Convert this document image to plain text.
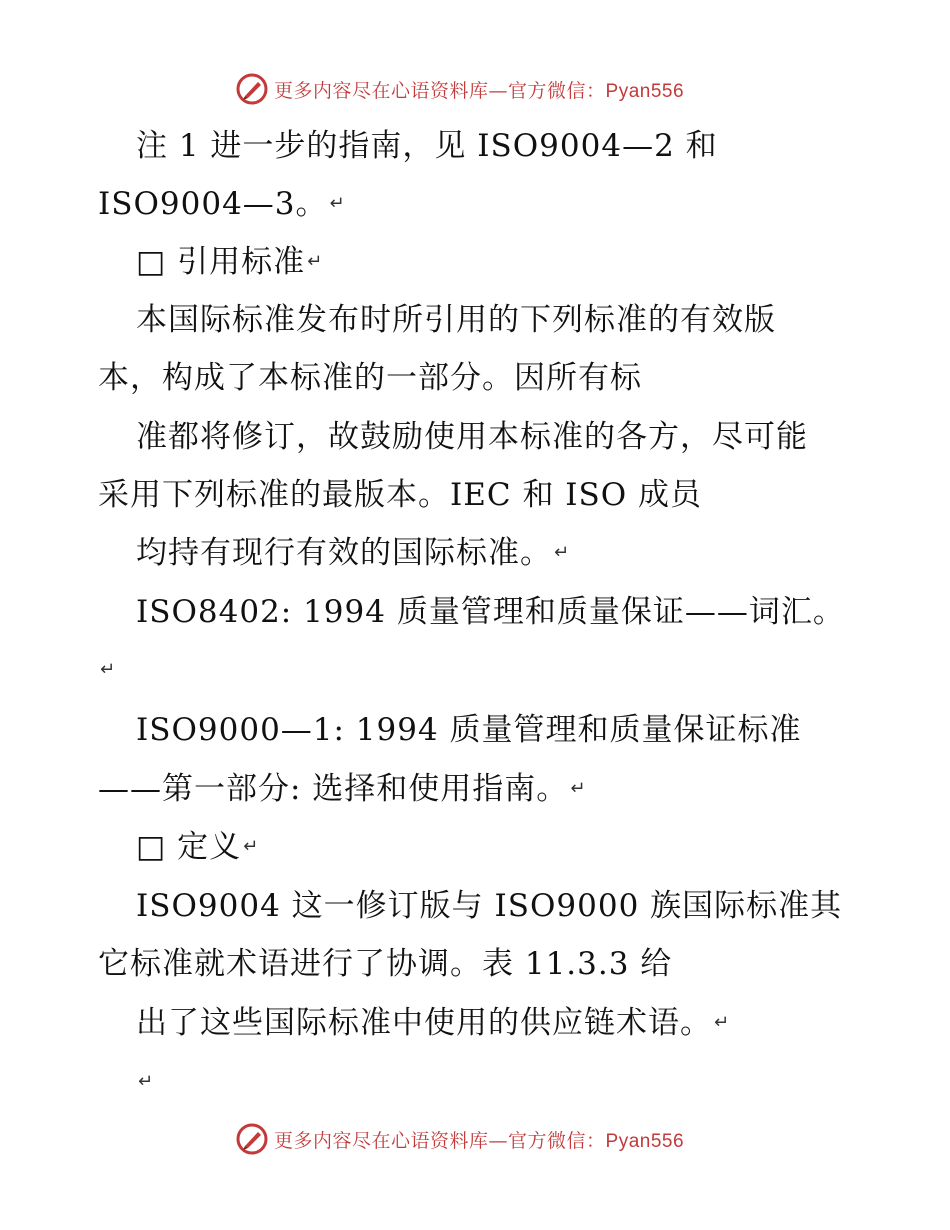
更多内容尽在心语资料库—官方微信：Pyan556
注 1 进一步的指南，见 ISO9004—2 和
ISO9004—3。 ↵
□ 引用标准 ↵
本国际标准发布时所引用的下列标准的有效版
本，构成了本标准的一部分。因所有标
准都将修订，故鼓励使用本标准的各方，尽可能
采用下列标准的最版本。IEC 和 ISO 成员
均持有现行有效的国际标准。 ↵
ISO8402: 1994 质量管理和质量保证——词汇。
↵
ISO9000—1: 1994 质量管理和质量保证标准
——第一部分: 选择和使用指南。 ↵
□ 定义 ↵
ISO9004 这一修订版与 ISO9000 族国际标准其
它标准就术语进行了协调。表 11.3.3 给
出了这些国际标准中使用的供应链术语。 ↵
↵
更多内容尽在心语资料库—官方微信：Pyan556
